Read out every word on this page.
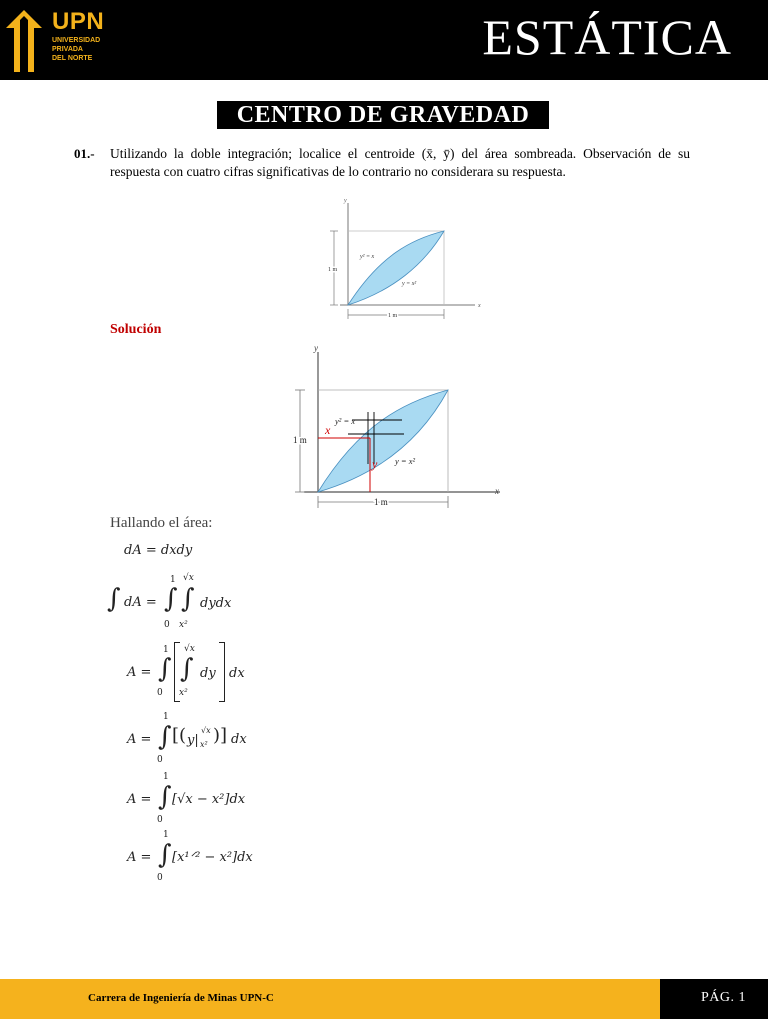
UPN
UNIVERSIDAD
PRIVADA
DEL NORTE	ESTÁTICA
CENTRO DE GRAVEDAD
01.- Utilizando la doble integración; localice el centroide (x̄, ȳ) del área sombreada. Observación de su respuesta con cuatro cifras significativas de lo contrario no considerara su respuesta.
y
x
y² = x
y = x²
1 m
1 m
Solución
x
y
y
x
y² = x
y = x²
1 m
1 m
Hallando el área:
dA = dxdy
∫ dA = ∫ ∫
1
0
√x
x²
dydx
A = ∫
1
0
∫
√x
x²
dy dx
A = ∫
1
0
[( y|
√x
x² )] dx
A = ∫
1
0
[√x − x²]dx
A = ∫
1
0
[x¹ᐟ² − x²]dx
Carrera de Ingeniería de Minas UPN-C	PÁG. 1
